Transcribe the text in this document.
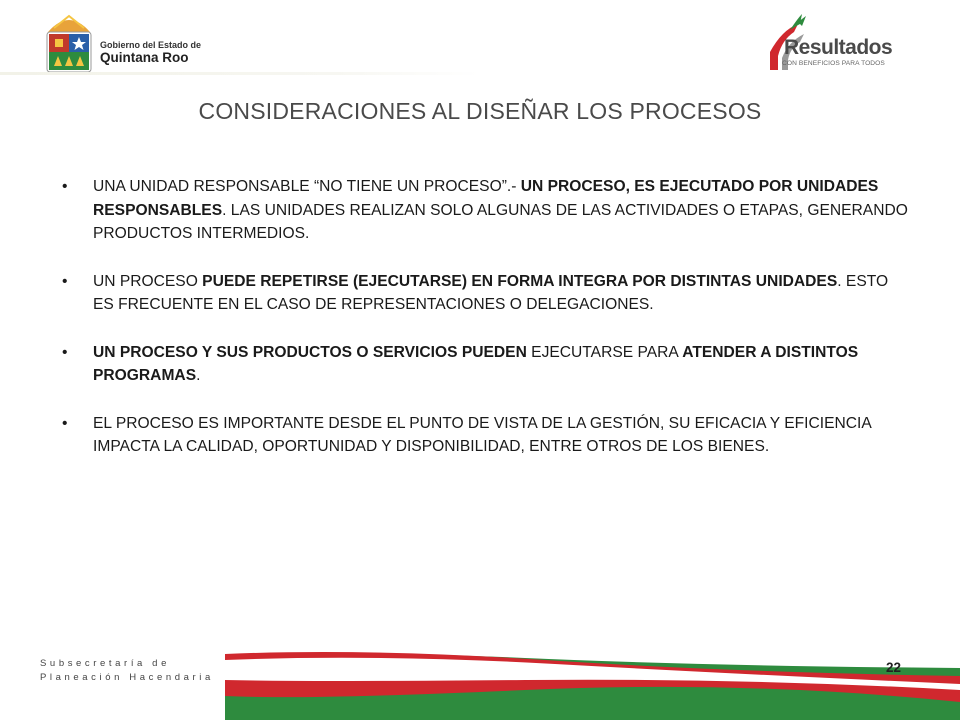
Gobierno del Estado de
Quintana Roo	Resultados
CON BENEFICIOS PARA TODOS
CONSIDERACIONES AL DISEÑAR LOS PROCESOS
• UNA UNIDAD RESPONSABLE “NO TIENE UN PROCESO”.- UN PROCESO, ES EJECUTADO POR UNIDADES RESPONSABLES. LAS UNIDADES REALIZAN SOLO ALGUNAS DE LAS ACTIVIDADES O ETAPAS, GENERANDO PRODUCTOS INTERMEDIOS.
• UN PROCESO PUEDE REPETIRSE (EJECUTARSE) EN FORMA INTEGRA POR DISTINTAS UNIDADES. ESTO ES FRECUENTE EN EL CASO DE REPRESENTACIONES O DELEGACIONES.
• UN PROCESO Y SUS PRODUCTOS O SERVICIOS PUEDEN EJECUTARSE PARA ATENDER A DISTINTOS PROGRAMAS.
• EL PROCESO ES IMPORTANTE DESDE EL PUNTO DE VISTA DE LA GESTIÓN, SU EFICACIA Y EFICIENCIA IMPACTA LA CALIDAD, OPORTUNIDAD Y DISPONIBILIDAD, ENTRE OTROS DE LOS BIENES.
Subsecretaría de
Planeación Hacendaria
22
